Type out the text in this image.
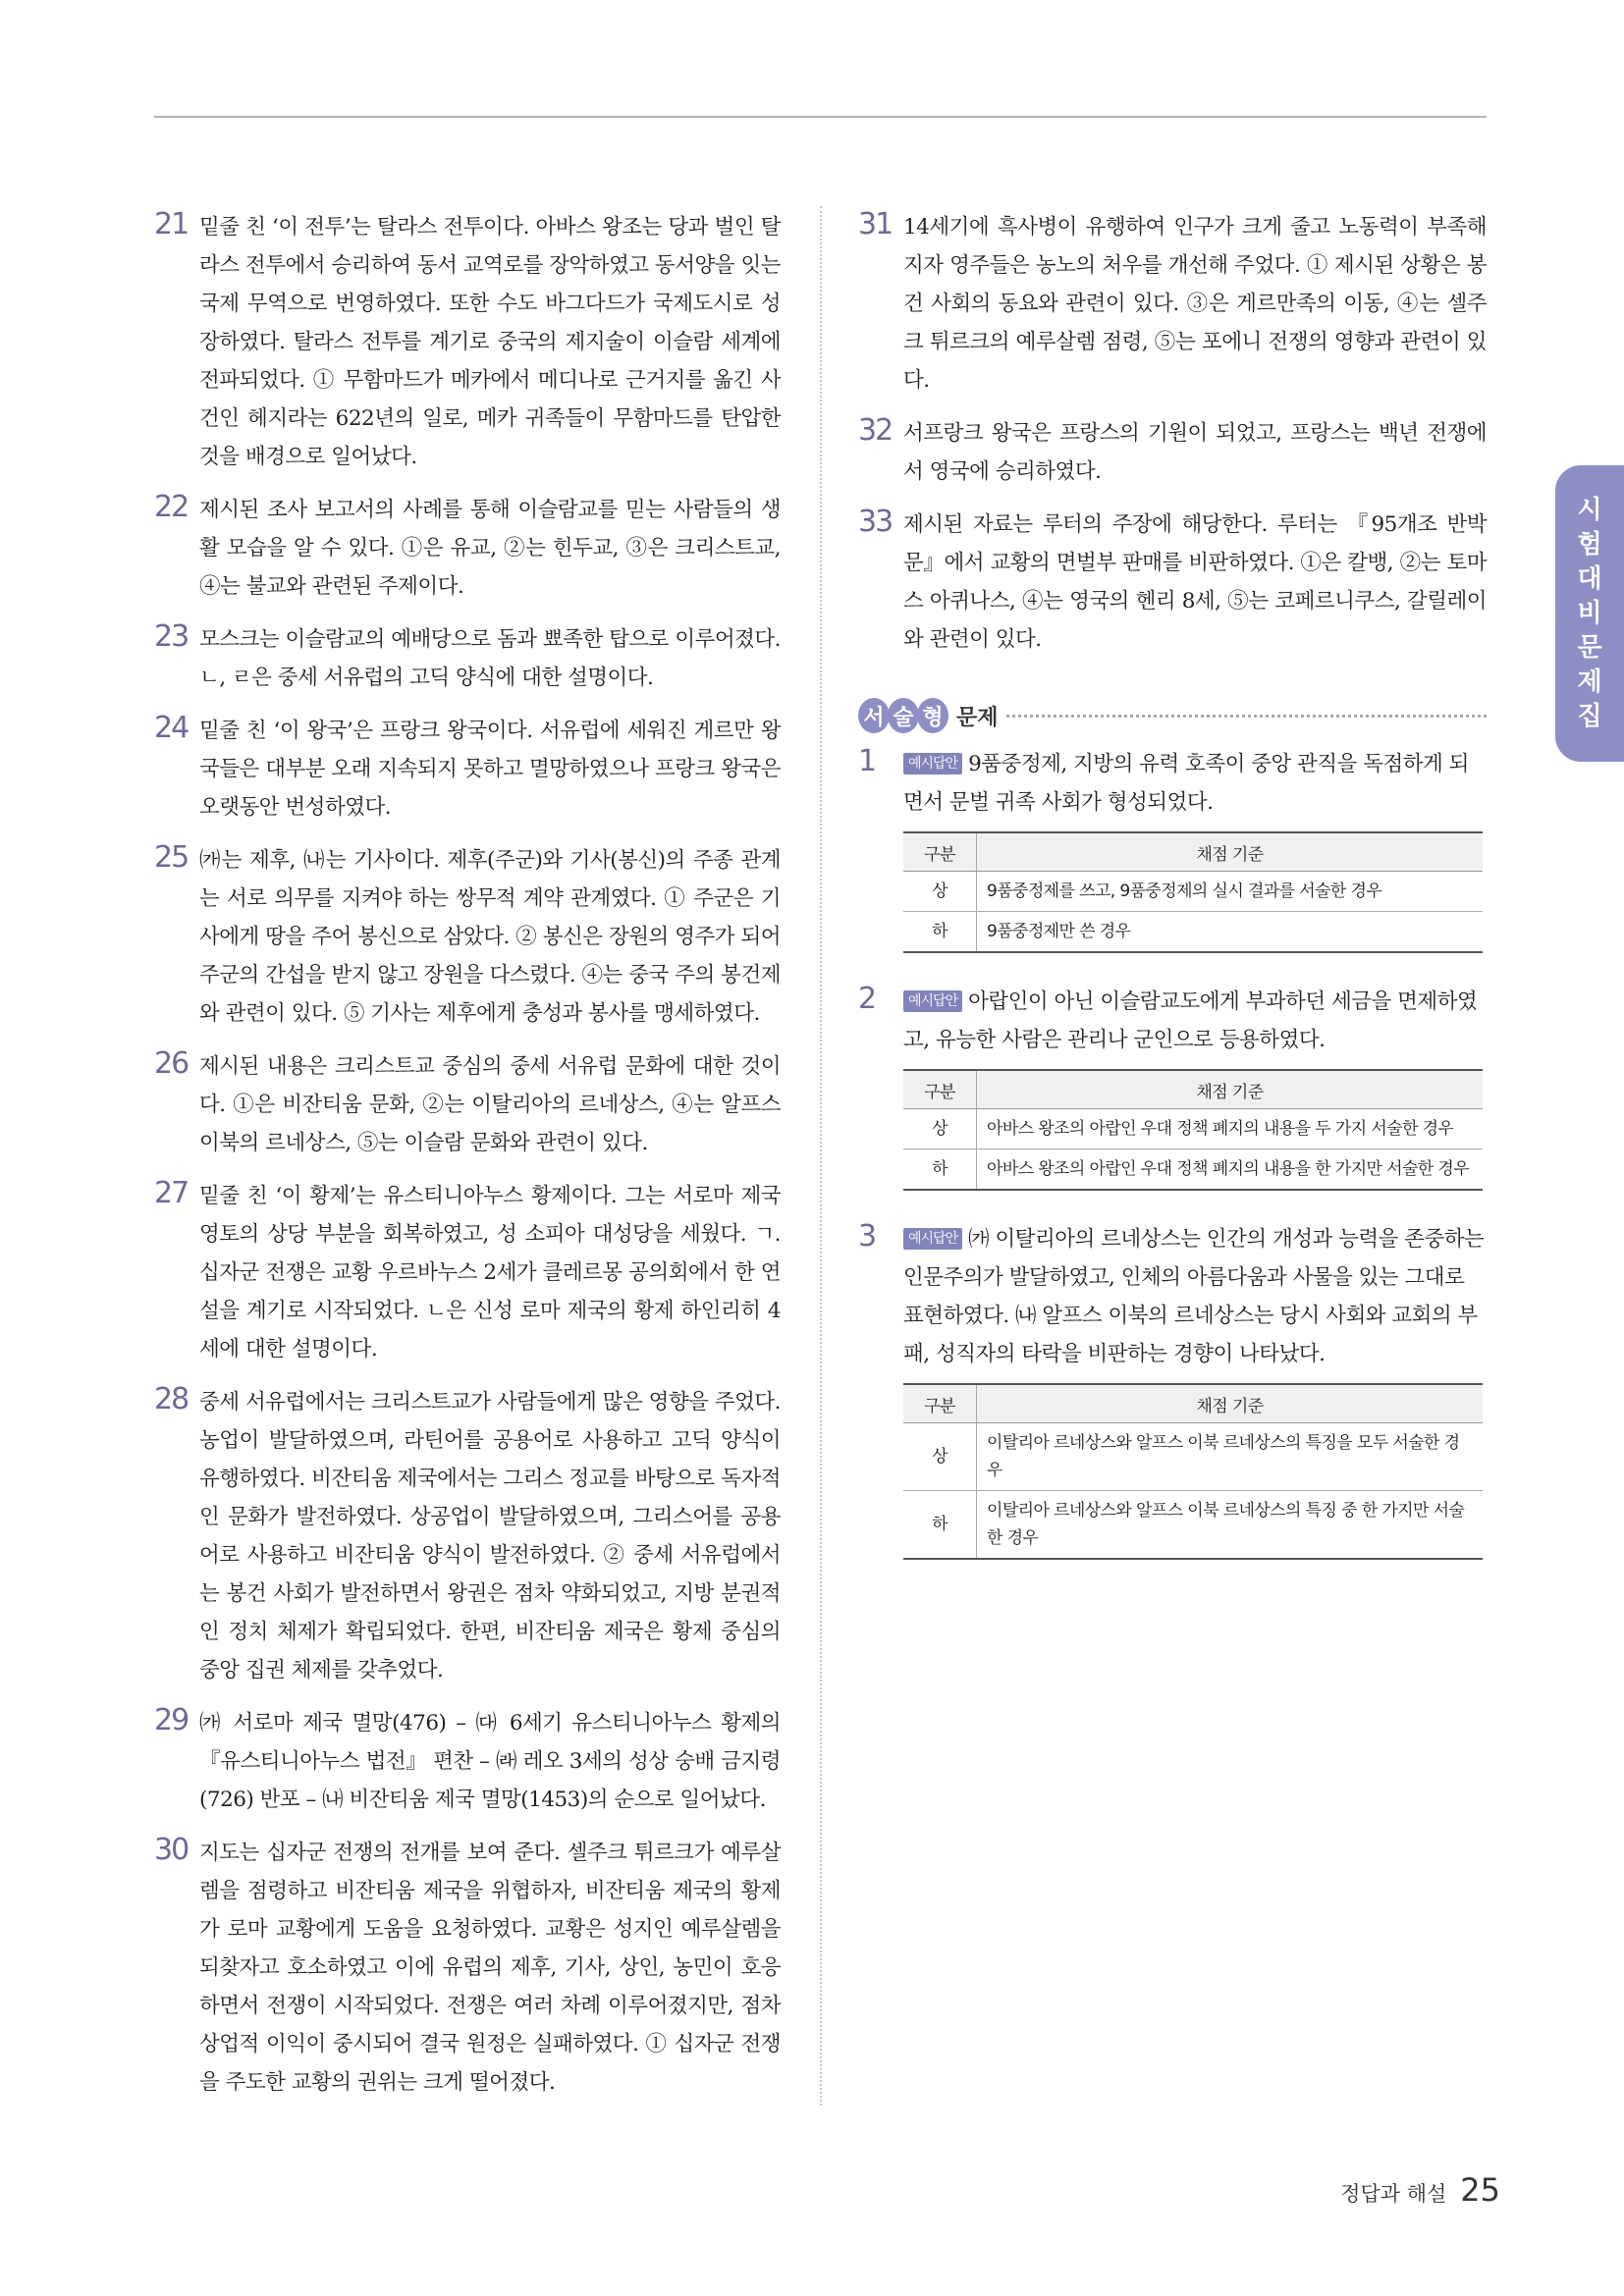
21 밑줄 친 ‘이 전투’는 탈라스 전투이다. 아바스 왕조는 당과 벌인 탈라스 전투에서 승리하여 동서 교역로를 장악하였고 동서양을 잇는 국제 무역으로 번영하였다. 또한 수도 바그다드가 국제도시로 성장하였다. 탈라스 전투를 계기로 중국의 제지술이 이슬람 세계에 전파되었다. ① 무함마드가 메카에서 메디나로 근거지를 옮긴 사건인 헤지라는 622년의 일로, 메카 귀족들이 무함마드를 탄압한 것을 배경으로 일어났다.
22 제시된 조사 보고서의 사례를 통해 이슬람교를 믿는 사람들의 생활 모습을 알 수 있다. ①은 유교, ②는 힌두교, ③은 크리스트교, ④는 불교와 관련된 주제이다.
23 모스크는 이슬람교의 예배당으로 돔과 뾰족한 탑으로 이루어졌다. ㄴ, ㄹ은 중세 서유럽의 고딕 양식에 대한 설명이다.
24 밑줄 친 ‘이 왕국’은 프랑크 왕국이다. 서유럽에 세워진 게르만 왕국들은 대부분 오래 지속되지 못하고 멸망하였으나 프랑크 왕국은 오랫동안 번성하였다.
25 ㈎는 제후, ㈏는 기사이다. 제후(주군)와 기사(봉신)의 주종 관계는 서로 의무를 지켜야 하는 쌍무적 계약 관계였다. ① 주군은 기사에게 땅을 주어 봉신으로 삼았다. ② 봉신은 장원의 영주가 되어 주군의 간섭을 받지 않고 장원을 다스렸다. ④는 중국 주의 봉건제와 관련이 있다. ⑤ 기사는 제후에게 충성과 봉사를 맹세하였다.
26 제시된 내용은 크리스트교 중심의 중세 서유럽 문화에 대한 것이다. ①은 비잔티움 문화, ②는 이탈리아의 르네상스, ④는 알프스 이북의 르네상스, ⑤는 이슬람 문화와 관련이 있다.
27 밑줄 친 ‘이 황제’는 유스티니아누스 황제이다. 그는 서로마 제국 영토의 상당 부분을 회복하였고, 성 소피아 대성당을 세웠다. ㄱ. 십자군 전쟁은 교황 우르바누스 2세가 클레르몽 공의회에서 한 연설을 계기로 시작되었다. ㄴ은 신성 로마 제국의 황제 하인리히 4세에 대한 설명이다.
28 중세 서유럽에서는 크리스트교가 사람들에게 많은 영향을 주었다. 농업이 발달하였으며, 라틴어를 공용어로 사용하고 고딕 양식이 유행하였다. 비잔티움 제국에서는 그리스 정교를 바탕으로 독자적인 문화가 발전하였다. 상공업이 발달하였으며, 그리스어를 공용어로 사용하고 비잔티움 양식이 발전하였다. ② 중세 서유럽에서는 봉건 사회가 발전하면서 왕권은 점차 약화되었고, 지방 분권적인 정치 체제가 확립되었다. 한편, 비잔티움 제국은 황제 중심의 중앙 집권 체제를 갖추었다.
29 ㈎ 서로마 제국 멸망(476) – ㈐ 6세기 유스티니아누스 황제의 『유스티니아누스 법전』 편찬 – ㈑ 레오 3세의 성상 숭배 금지령(726) 반포 – ㈏ 비잔티움 제국 멸망(1453)의 순으로 일어났다.
30 지도는 십자군 전쟁의 전개를 보여 준다. 셀주크 튀르크가 예루살렘을 점령하고 비잔티움 제국을 위협하자, 비잔티움 제국의 황제가 로마 교황에게 도움을 요청하였다. 교황은 성지인 예루살렘을 되찾자고 호소하였고 이에 유럽의 제후, 기사, 상인, 농민이 호응하면서 전쟁이 시작되었다. 전쟁은 여러 차례 이루어졌지만, 점차 상업적 이익이 중시되어 결국 원정은 실패하였다. ① 십자군 전쟁을 주도한 교황의 권위는 크게 떨어졌다.
31 14세기에 흑사병이 유행하여 인구가 크게 줄고 노동력이 부족해지자 영주들은 농노의 처우를 개선해 주었다. ① 제시된 상황은 봉건 사회의 동요와 관련이 있다. ③은 게르만족의 이동, ④는 셀주크 튀르크의 예루살렘 점령, ⑤는 포에니 전쟁의 영향과 관련이 있다.
32 서프랑크 왕국은 프랑스의 기원이 되었고, 프랑스는 백년 전쟁에서 영국에 승리하였다.
33 제시된 자료는 루터의 주장에 해당한다. 루터는 『95개조 반박문』에서 교황의 면벌부 판매를 비판하였다. ①은 칼뱅, ②는 토마스 아퀴나스, ④는 영국의 헨리 8세, ⑤는 코페르니쿠스, 갈릴레이와 관련이 있다.
서 술 형 문제
1	예시답안 9품중정제, 지방의 유력 호족이 중앙 관직을 독점하게 되면서 문벌 귀족 사회가 형성되었다.
구분	채점 기준
상	9품중정제를 쓰고, 9품중정제의 실시 결과를 서술한 경우
하	9품중정제만 쓴 경우
2	예시답안 아랍인이 아닌 이슬람교도에게 부과하던 세금을 면제하였고, 유능한 사람은 관리나 군인으로 등용하였다.
구분	채점 기준
상	아바스 왕조의 아랍인 우대 정책 폐지의 내용을 두 가지 서술한 경우
하	아바스 왕조의 아랍인 우대 정책 폐지의 내용을 한 가지만 서술한 경우
3	예시답안 ㈎ 이탈리아의 르네상스는 인간의 개성과 능력을 존중하는 인문주의가 발달하였고, 인체의 아름다움과 사물을 있는 그대로 표현하였다. ㈏ 알프스 이북의 르네상스는 당시 사회와 교회의 부패, 성직자의 타락을 비판하는 경향이 나타났다.
구분	채점 기준
상	이탈리아 르네상스와 알프스 이북 르네상스의 특징을 모두 서술한 경우
하	이탈리아 르네상스와 알프스 이북 르네상스의 특징 중 한 가지만 서술한 경우
시
험
대
비
문
제
집
정답과 해설 25
